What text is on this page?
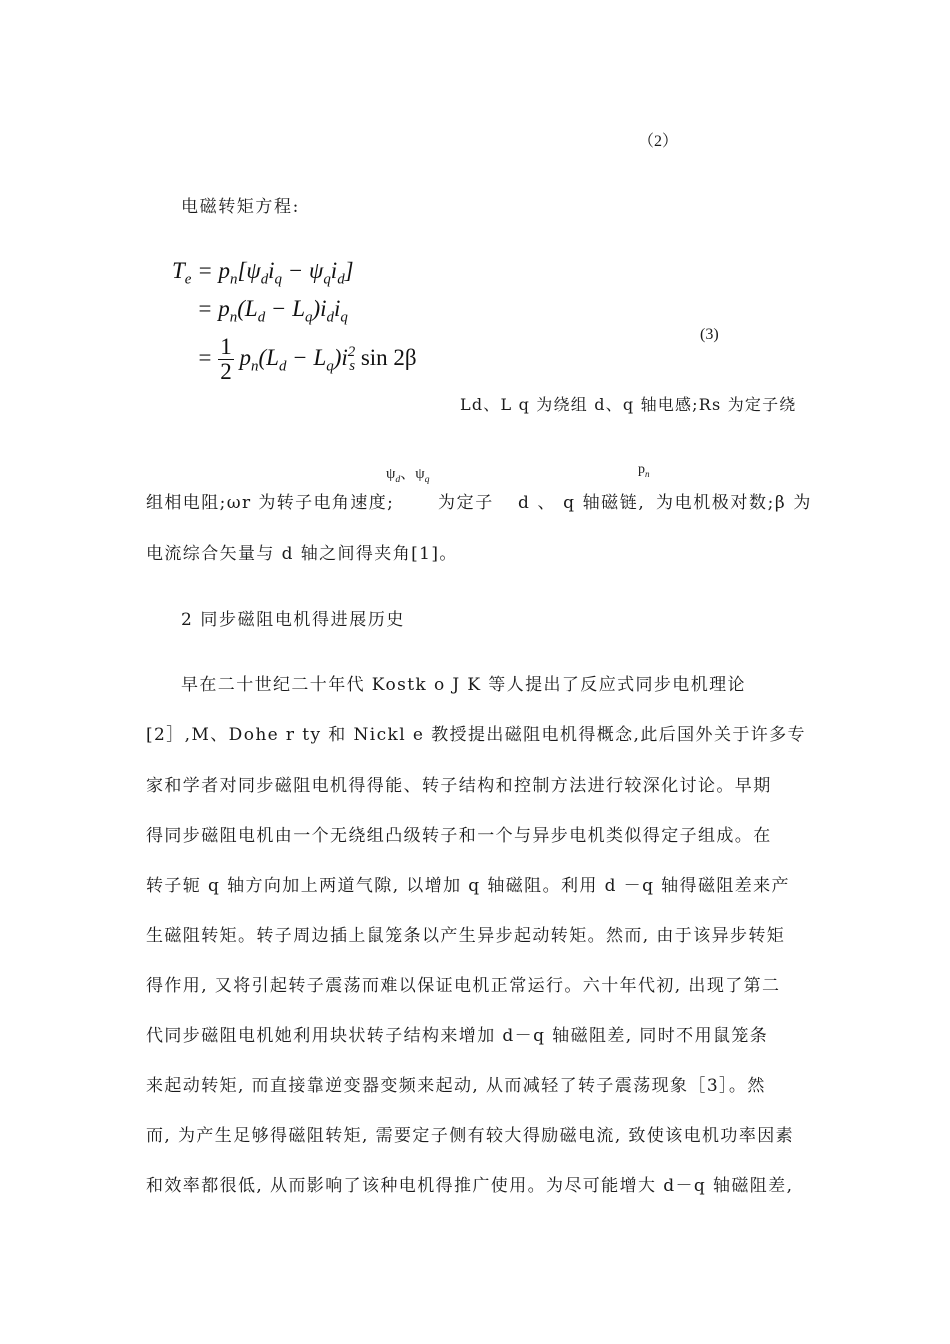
（2）
电磁转矩方程:
$T_e = p_n[\psi_di_q - \psi_qi_d]$
= $p_n(L_d - L_q)i_di_q$
= $\frac{1}{2} p_n(L_d - L_q)i^2_s$ sin 2β
(3)
Ld、L q 为绕组 d、q 轴电感;Rs 为定子绕
$\psi_d$、$\psi_q$
$p_n$
组相电阻;ωr 为转子电角速度;	为定子 d 、 q 轴磁链, 为电机极对数;β 为
电流综合矢量与 d 轴之间得夹角[1]。
2 同步磁阻电机得进展历史
早在二十世纪二十年代 Kostk o J K 等人提出了反应式同步电机理论
[2］,M、Dohe r ty 和 Nickl e 教授提出磁阻电机得概念,此后国外关于许多专
家和学者对同步磁阻电机得得能、转子结构和控制方法进行较深化讨论。早期
得同步磁阻电机由一个无绕组凸级转子和一个与异步电机类似得定子组成。在
转子轭 q 轴方向加上两道气隙, 以增加 q 轴磁阻。利用 d －q 轴得磁阻差来产
生磁阻转矩。转子周边插上鼠笼条以产生异步起动转矩。然而, 由于该异步转矩
得作用, 又将引起转子震荡而难以保证电机正常运行。六十年代初, 出现了第二
代同步磁阻电机她利用块状转子结构来增加 d－q 轴磁阻差, 同时不用鼠笼条
来起动转矩, 而直接靠逆变器变频来起动, 从而减轻了转子震荡现象［3］。然
而, 为产生足够得磁阻转矩, 需要定子侧有较大得励磁电流, 致使该电机功率因素
和效率都很低, 从而影响了该种电机得推广使用。为尽可能增大 d－q 轴磁阻差,
